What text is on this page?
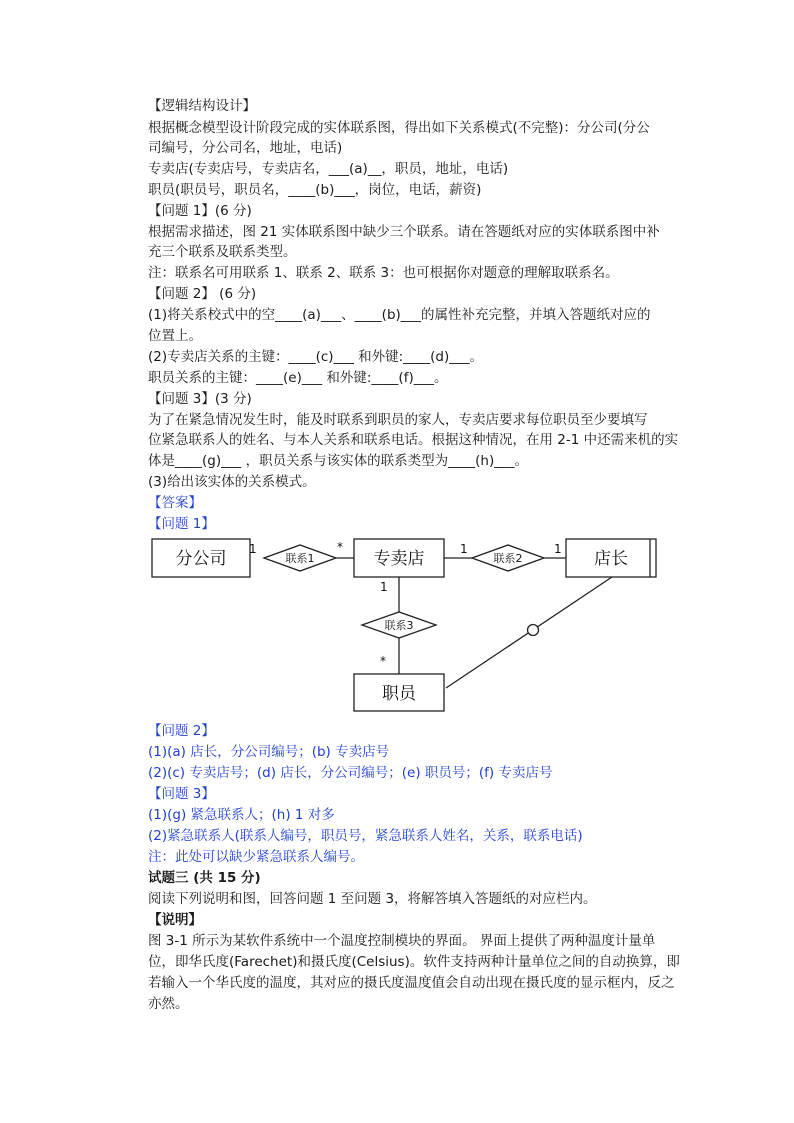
【逻辑结构设计】
根据概念模型设计阶段完成的实体联系图，得出如下关系模式(不完整)：分公司(分公
司编号，分公司名，地址，电话)
专卖店(专卖店号，专卖店名，___(a)__，职员，地址，电话)
职员(职员号，职员名，____(b)___，岗位，电话，薪资)
【问题 1】(6 分)
根据需求描述，图 21 实体联系图中缺少三个联系。请在答题纸对应的实体联系图中补
充三个联系及联系类型。
注：联系名可用联系 1、联系 2、联系 3：也可根据你对题意的理解取联系名。
【问题 2】 (6 分)
(1)将关系校式中的空____(a)___、____(b)___的属性补充完整，并填入答题纸对应的
位置上。
(2)专卖店关系的主键：____(c)___ 和外键:____(d)___。
职员关系的主键：____(e)___ 和外键:____(f)___。
【问题 3】(3 分)
为了在紧急情况发生时，能及时联系到职员的家人，专卖店要求每位职员至少要填写
位紧急联系人的姓名、与本人关系和联系电话。根据这种情况，在用 2-1 中还需来机的实
体是____(g)___ ，职员关系与该实体的联系类型为____(h)___。
(3)给出该实体的关系模式。
【答案】
【问题 1】
分公司	专卖店	店长
职员
联系1	联系2
联系3
1	*	1	1
1
*
【问题 2】
(1)(a) 店长，分公司编号；(b) 专卖店号
(2)(c) 专卖店号；(d) 店长，分公司编号；(e) 职员号；(f) 专卖店号
【问题 3】
(1)(g) 紧急联系人；(h) 1 对多
(2)紧急联系人(联系人编号，职员号，紧急联系人姓名，关系，联系电话)
注：此处可以缺少紧急联系人编号。
试题三 (共 15 分)
阅读下列说明和图，回答问题 1 至问题 3，将解答填入答题纸的对应栏内。
【说明】
图 3-1 所示为某软件系统中一个温度控制模块的界面。 界面上提供了两种温度计量单
位，即华氏度(Farechet)和摄氏度(Celsius)。软件支持两种计量单位之间的自动换算，即
若输入一个华氏度的温度，其对应的摄氏度温度值会自动出现在摄氏度的显示框内，反之
亦然。
